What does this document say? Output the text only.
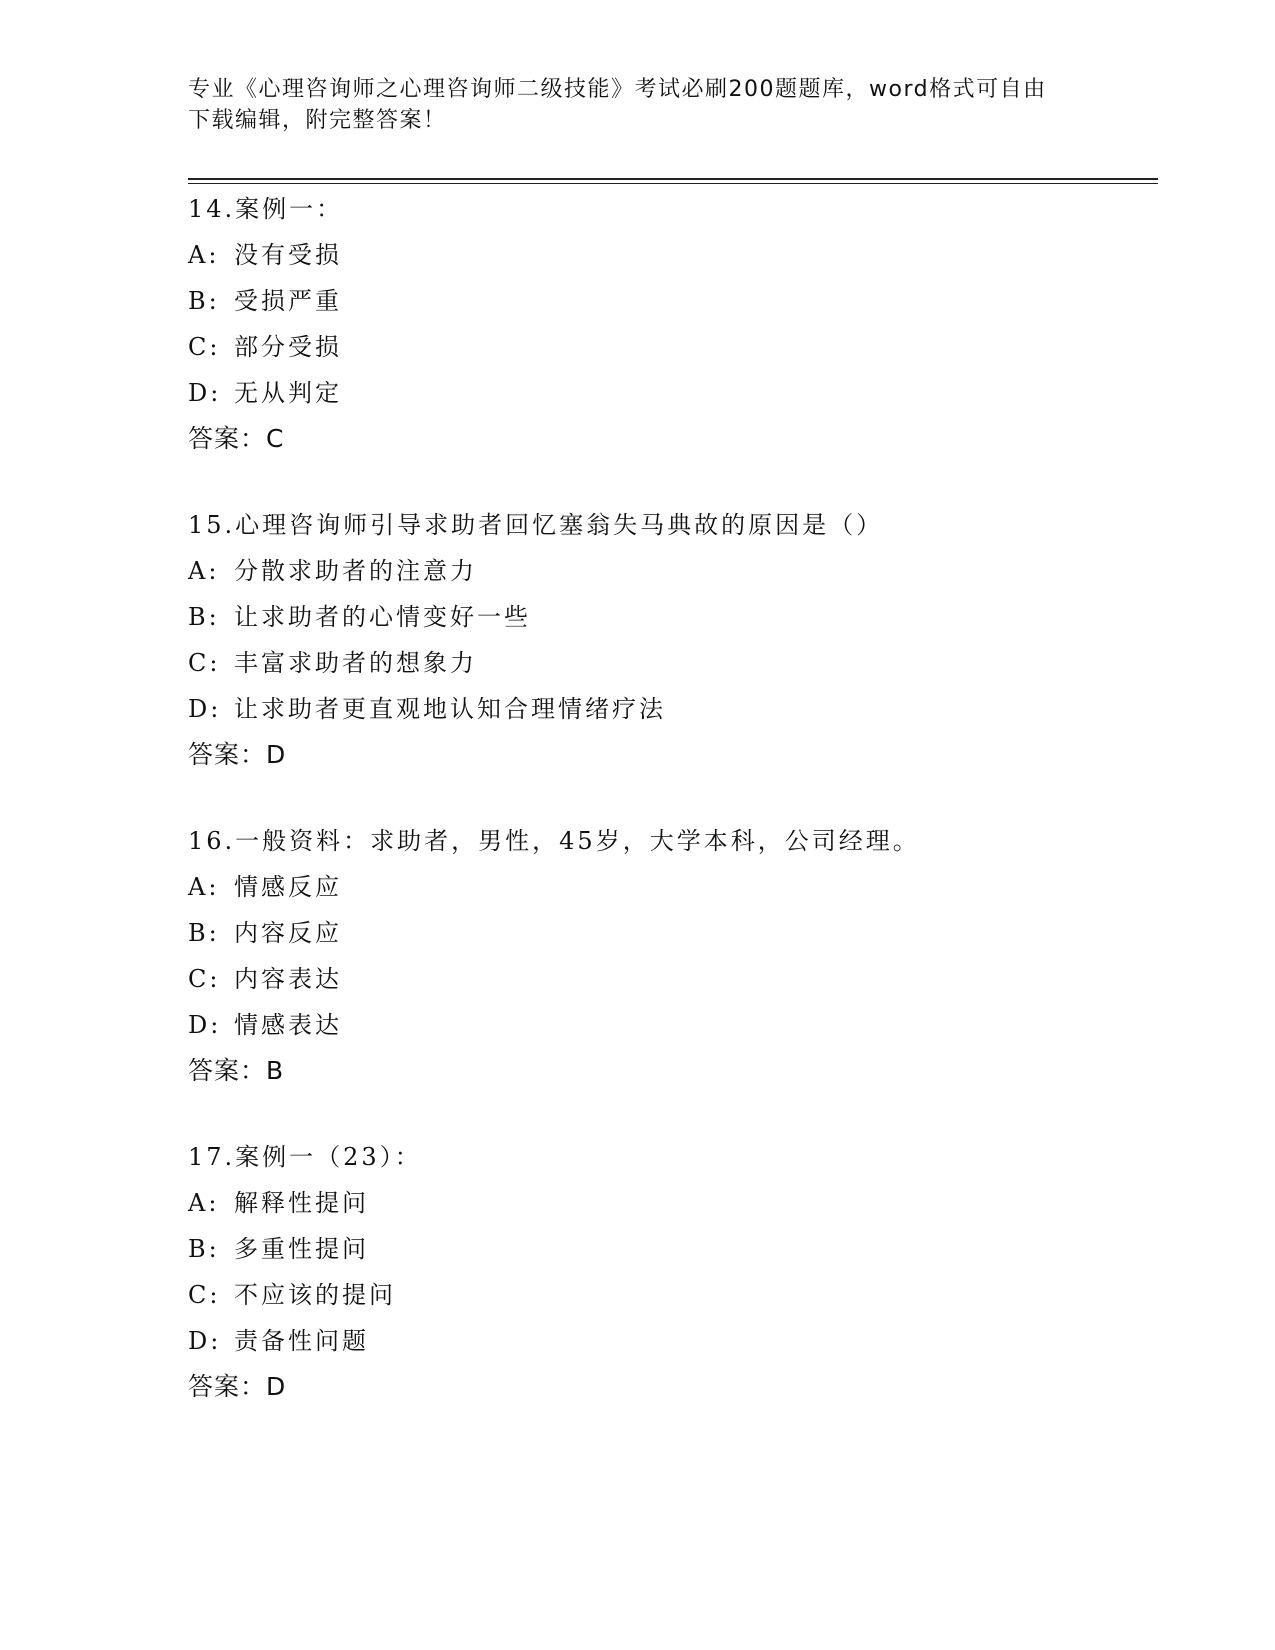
专业《心理咨询师之心理咨询师二级技能》考试必刷200题题库，word格式可自由下载编辑，附完整答案！

14.案例一：
A: 没有受损
B: 受损严重
C: 部分受损
D: 无从判定
答案：C
15.心理咨询师引导求助者回忆塞翁失马典故的原因是（）
A: 分散求助者的注意力
B: 让求助者的心情变好一些
C: 丰富求助者的想象力
D: 让求助者更直观地认知合理情绪疗法
答案：D
16.一般资料：求助者，男性，45岁，大学本科，公司经理。
A: 情感反应
B: 内容反应
C: 内容表达
D: 情感表达
答案：B
17.案例一（23）：
A: 解释性提问
B: 多重性提问
C: 不应该的提问
D: 责备性问题
答案：D
